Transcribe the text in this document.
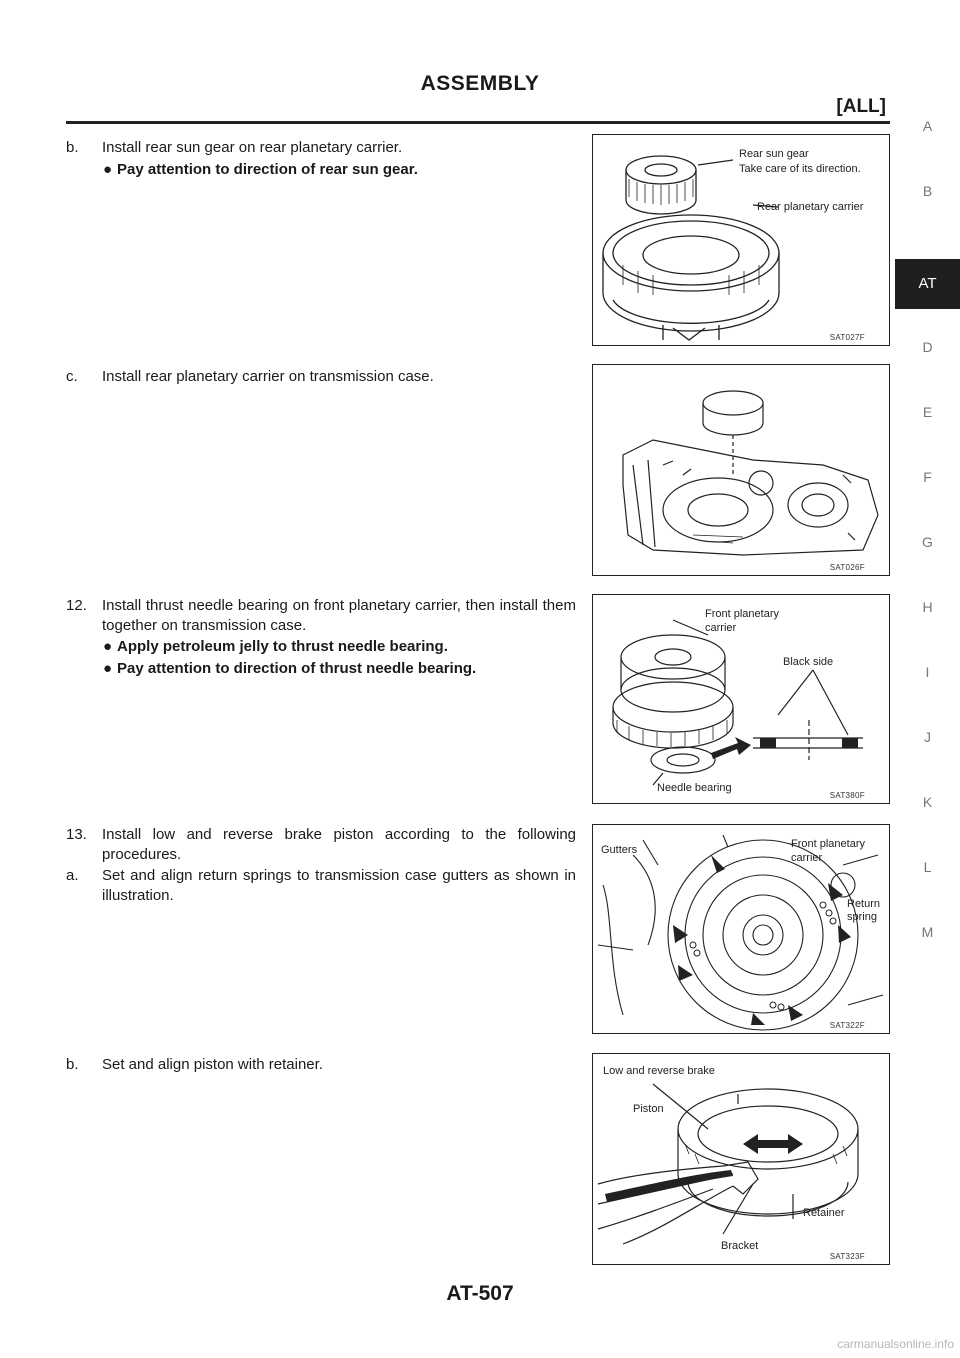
ASSEMBLY
[ALL]
A
B
AT
D
E
F
G
H
I
J
K
L
M
b. Install rear sun gear on rear planetary carrier.
● Pay attention to direction of rear sun gear.
Rear sun gear
Take care of its direction.
Rear planetary carrier
SAT027F
c. Install rear planetary carrier on transmission case.
SAT026F
12. Install thrust needle bearing on front planetary carrier, then install them together on transmission case.
● Apply petroleum jelly to thrust needle bearing.
● Pay attention to direction of thrust needle bearing.
Front planetary
carrier
Black side
Needle bearing
SAT380F
13. Install low and reverse brake piston according to the following procedures.
a. Set and align return springs to transmission case gutters as shown in illustration.
Gutters	Front planetary
carrier
Return
spring
SAT322F
b. Set and align piston with retainer.	Low and reverse brake
Piston
Retainer
Bracket
SAT323F
AT-507
carmanualsonline.info
